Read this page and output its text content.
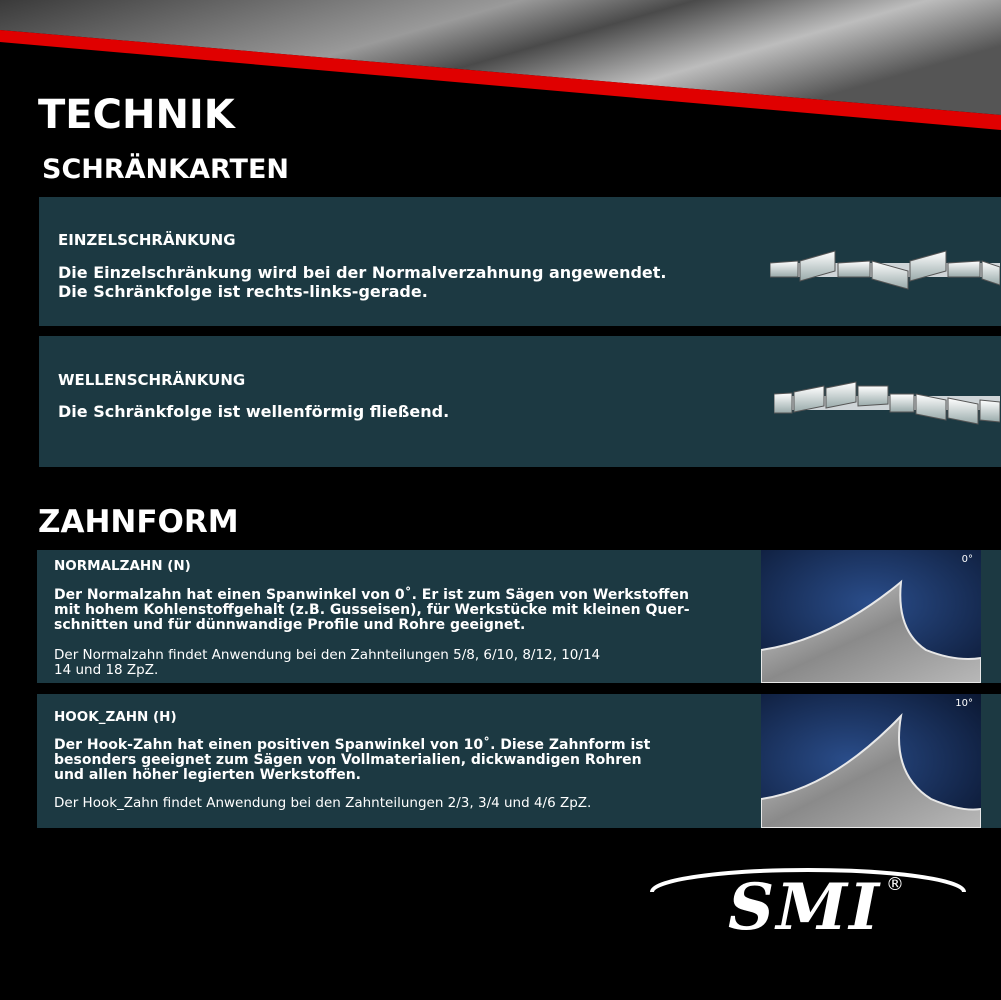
TECHNIK
SCHRÄNKARTEN

EINZELSCHRÄNKUNG

Die Einzelschränkung wird bei der Normalverzahnung angewendet.

Die Schränkfolge ist rechts-links-gerade.

WELLENSCHRÄNKUNG

Die Schränkfolge ist wellenförmig fließend.

ZAHNFORM

NORMALZAHN (N)

Der Normalzahn hat einen Spanwinkel von 0˚. Er ist zum Sägen von Werkstoffen

mit hohem Kohlenstoffgehalt (z.B. Gusseisen), für Werkstücke mit kleinen Quer-

schnitten und für dünnwandige Profile und Rohre geeignet.

Der Normalzahn findet Anwendung bei den Zahnteilungen 5/8, 6/10, 8/12, 10/14

14 und 18 ZpZ.

0°

HOOK_ZAHN (H)

Der Hook-Zahn hat einen positiven Spanwinkel von 10˚. Diese Zahnform ist

besonders geeignet zum Sägen von Vollmaterialien, dickwandigen Rohren

und allen höher legierten Werkstoffen.

Der Hook_Zahn findet Anwendung bei den Zahnteilungen 2/3, 3/4 und 4/6 ZpZ.

10°
SMI ®
